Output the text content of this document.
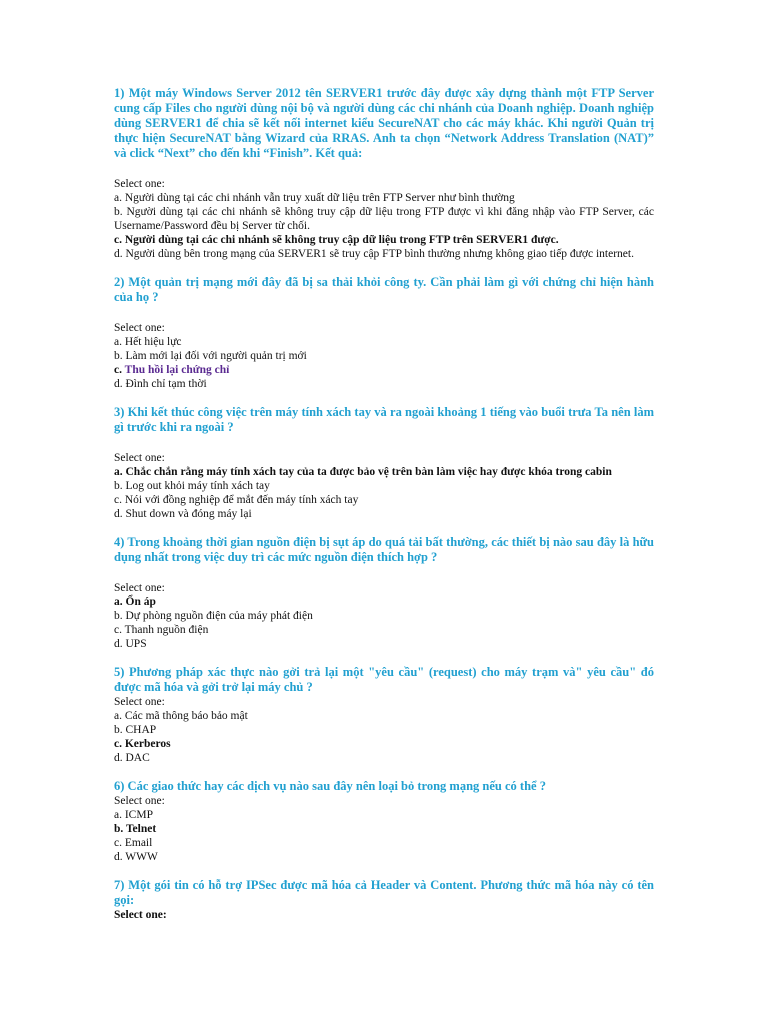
1) Một máy Windows Server 2012 tên SERVER1 trước đây được xây dựng thành một FTP Server cung cấp Files cho người dùng nội bộ và người dùng các chi nhánh của Doanh nghiệp. Doanh nghiệp dùng SERVER1 để chia sẽ kết nối internet kiểu SecureNAT cho các máy khác. Khi người Quản trị thực hiện SecureNAT bằng Wizard của RRAS. Anh ta chọn “Network Address Translation (NAT)” và click “Next” cho đến khi “Finish”. Kết quả:
Select one:
a. Người dùng tại các chi nhánh vẫn truy xuất dữ liệu trên FTP Server như bình thường
b. Người dùng tại các chi nhánh sẽ không truy cập dữ liệu trong FTP được vì khi đăng nhập vào FTP Server, các Username/Password đều bị Server từ chối.
c. Người dùng tại các chi nhánh sẽ không truy cập dữ liệu trong FTP trên SERVER1 được.
d. Người dùng bên trong mạng của SERVER1 sẽ truy cập FTP bình thường nhưng không giao tiếp được internet.
2) Một quản trị mạng mới đây đã bị sa thải khỏi công ty. Cần phải làm gì với chứng chỉ hiện hành của họ ?
Select one:
a. Hết hiệu lực
b. Làm mới lại đối với người quản trị mới
c. Thu hồi lại chứng chỉ
d. Đình chỉ tạm thời
3) Khi kết thúc công việc trên máy tính xách tay và ra ngoài khoảng 1 tiếng vào buổi trưa Ta nên làm gì trước khi ra ngoài ?
Select one:
a. Chắc chắn rằng máy tính xách tay của ta được bảo vệ trên bàn làm việc hay được khóa trong cabin
b. Log out khỏi máy tính xách tay
c. Nói với đồng nghiệp để mắt đến máy tính xách tay
d. Shut down và đóng máy lại
4) Trong khoảng thời gian nguồn điện bị sụt áp do quá tải bất thường, các thiết bị nào sau đây là hữu dụng nhất trong việc duy trì các mức nguồn điện thích hợp ?
Select one:
a. Ổn áp
b. Dự phòng nguồn điện của máy phát điện
c. Thanh nguồn điện
d. UPS
5) Phương pháp xác thực nào gởi trả lại một "yêu cầu" (request) cho máy trạm và" yêu cầu" đó được mã hóa và gởi trở lại máy chủ ?
Select one:
a. Các mã thông báo bảo mật
b. CHAP
c. Kerberos
d. DAC
6) Các giao thức hay các dịch vụ nào sau đây nên loại bỏ trong mạng nếu có thể ?
Select one:
a. ICMP
b. Telnet
c. Email
d. WWW
7) Một gói tin có hỗ trợ IPSec được mã hóa cả Header và Content. Phương thức mã hóa này có tên gọi:
Select one:
